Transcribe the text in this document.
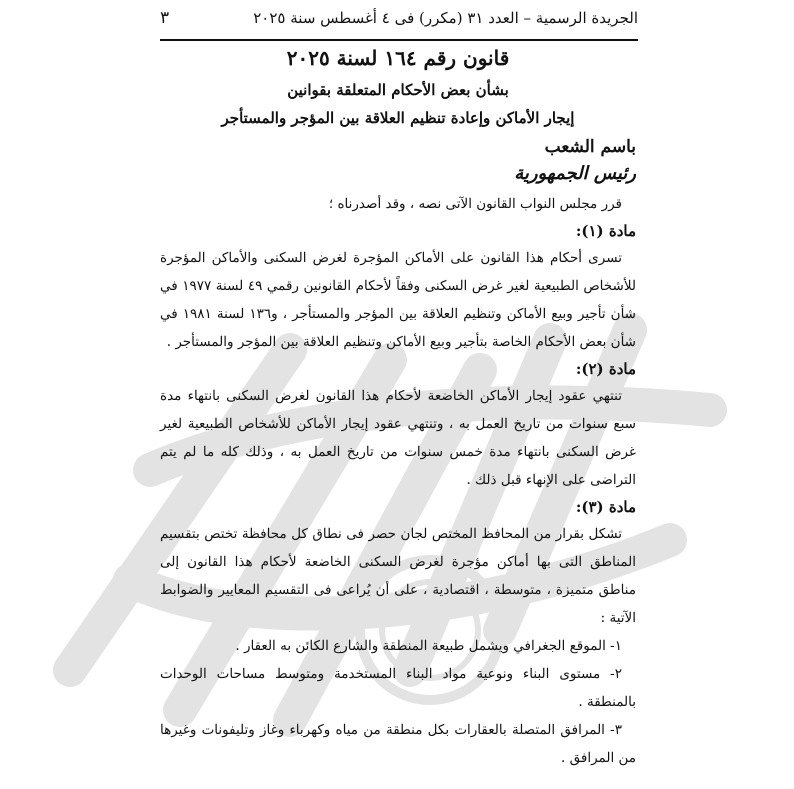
الجريدة الرسمية – العدد ٣١ (مكرر) فى ٤ أغسطس سنة ٢٠٢٥
٣
قانون رقم ١٦٤ لسنة ٢٠٢٥
بشأن بعض الأحكام المتعلقة بقوانين
إيجار الأماكن وإعادة تنظيم العلاقة بين المؤجر والمستأجر

باسم الشعب

رئيس الجمهورية

قرر مجلس النواب القانون الآتى نصه ، وقد أصدرناه ؛

مادة (١):

تسرى أحكام هذا القانون على الأماكن المؤجرة لغرض السكنى والأماكن المؤجرة للأشخاص الطبيعية لغير غرض السكنى وفقاً لأحكام القانونين رقمي ٤٩ لسنة ١٩٧٧ في شأن تأجير وبيع الأماكن وتنظيم العلاقة بين المؤجر والمستأجر ، و١٣٦ لسنة ١٩٨١ في شأن بعض الأحكام الخاصة بتأجير وبيع الأماكن وتنظيم العلاقة بين المؤجر والمستأجر .

مادة (٢):

تنتهي عقود إيجار الأماكن الخاضعة لأحكام هذا القانون لغرض السكنى بانتهاء مدة سبع سنوات من تاريخ العمل به ، وتنتهي عقود إيجار الأماكن للأشخاص الطبيعية لغير غرض السكنى بانتهاء مدة خمس سنوات من تاريخ العمل به ، وذلك كله ما لم يتم التراضى على الإنهاء قبل ذلك .

مادة (٣):

تشكل بقرار من المحافظ المختص لجان حصر فى نطاق كل محافظة تختص بتقسيم المناطق التى بها أماكن مؤجرة لغرض السكنى الخاضعة لأحكام هذا القانون إلى مناطق متميزة ، متوسطة ، اقتصادية ، على أن يُراعى فى التقسيم المعايير والضوابط الآتية :

١- الموقع الجغرافي ويشمل طبيعة المنطقة والشارع الكائن به العقار .

٢- مستوى البناء ونوعية مواد البناء المستخدمة ومتوسط مساحات الوحدات بالمنطقة .

٣- المرافق المتصلة بالعقارات بكل منطقة من مياه وكهرباء وغاز وتليفونات وغيرها من المرافق .
